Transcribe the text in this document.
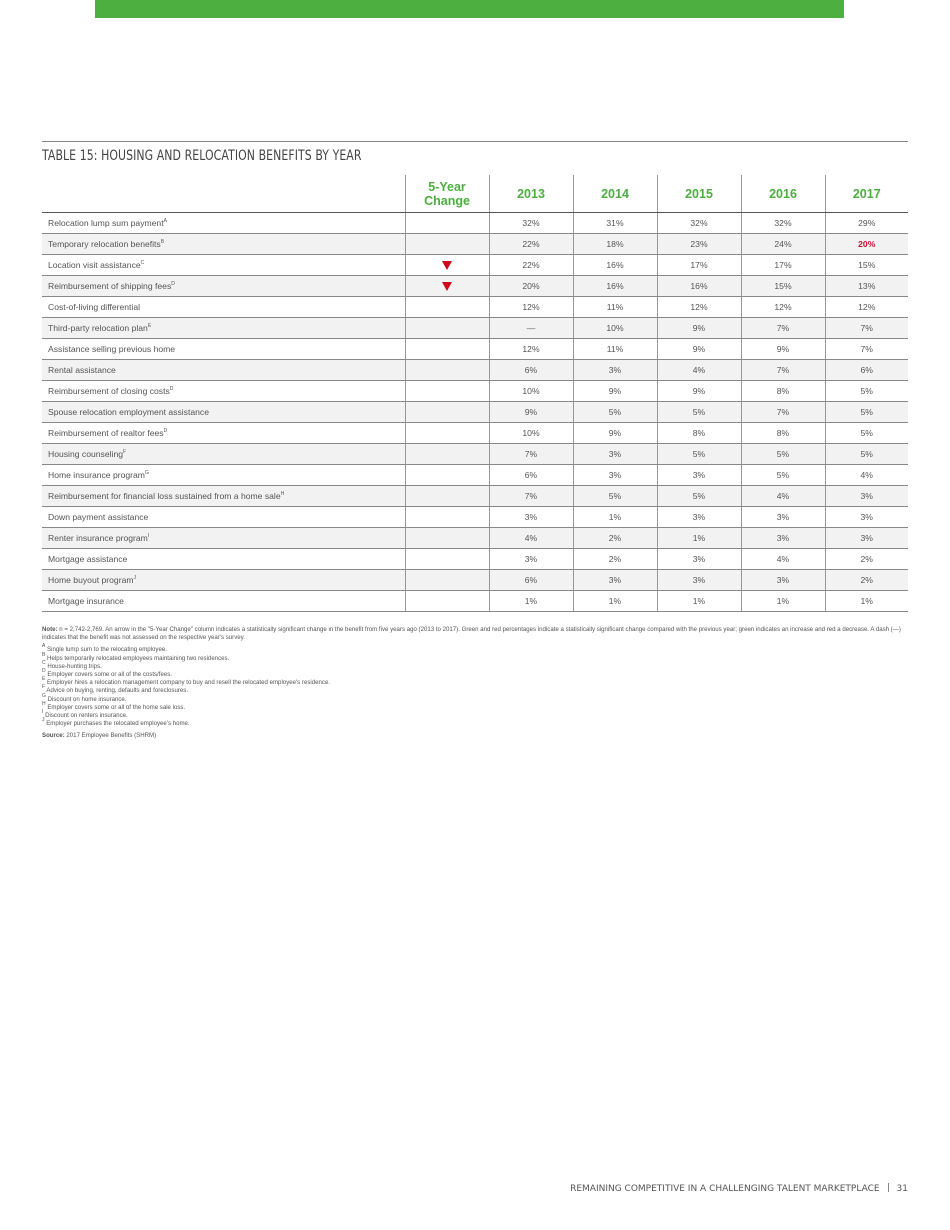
TABLE 15: HOUSING AND RELOCATION BENEFITS BY YEAR
	5-Year
Change	2013	2014	2015	2016	2017
Relocation lump sum payment$^A$		32%	31%	32%	32%	29%
Temporary relocation benefits$^B$		22%	18%	23%	24%	20%
Location visit assistance$^C$		22%	16%	17%	17%	15%
Reimbursement of shipping fees$^D$		20%	16%	16%	15%	13%
Cost-of-living differential		12%	11%	12%	12%	12%
Third-party relocation plan$^E$		—	10%	9%	7%	7%
Assistance selling previous home		12%	11%	9%	9%	7%
Rental assistance		6%	3%	4%	7%	6%
Reimbursement of closing costs$^D$		10%	9%	9%	8%	5%
Spouse relocation employment assistance		9%	5%	5%	7%	5%
Reimbursement of realtor fees$^D$		10%	9%	8%	8%	5%
Housing counseling$^F$		7%	3%	5%	5%	5%
Home insurance program$^G$		6%	3%	3%	5%	4%
Reimbursement for financial loss sustained from a home sale$^H$		7%	5%	5%	4%	3%
Down payment assistance		3%	1%	3%	3%	3%
Renter insurance program$^I$		4%	2%	1%	3%	3%
Mortgage assistance		3%	2%	3%	4%	2%
Home buyout program$^J$		6%	3%	3%	3%	2%
Mortgage insurance		1%	1%	1%	1%	1%

Note: n = 2,742-2,769. An arrow in the "5-Year Change" column indicates a statistically significant change in the benefit from five years ago (2013 to 2017). Green and red percentages indicate a statistically significant change compared with the previous year; green indicates an increase and red a decrease. A dash (—) indicates that the benefit was not assessed on the respective year's survey.

$^A$ Single lump sum to the relocating employee.

$^B$ Helps temporarily relocated employees maintaining two residences.

$^C$ House-hunting trips.

$^D$ Employer covers some or all of the costs/fees.

$^E$ Employer hires a relocation management company to buy and resell the relocated employee's residence.

$^F$ Advice on buying, renting, defaults and foreclosures.

$^G$ Discount on home insurance.

$^H$ Employer covers some or all of the home sale loss.

$^I$ Discount on renters insurance.

$^J$ Employer purchases the relocated employee's home.

Source: 2017 Employee Benefits (SHRM)

REMAINING COMPETITIVE IN A CHALLENGING TALENT MARKETPLACE 31
